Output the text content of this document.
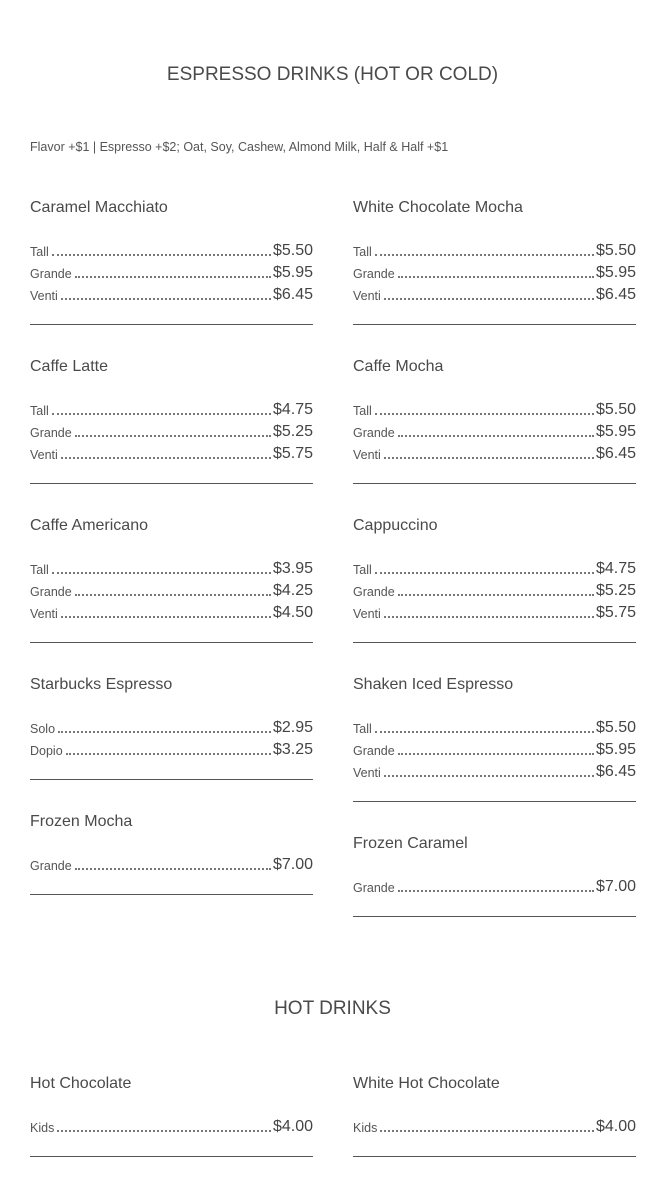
ESPRESSO DRINKS (HOT OR COLD)
Flavor +$1 | Espresso +$2; Oat, Soy, Cashew, Almond Milk, Half & Half +$1
Caramel Macchiato
Tall	$5.50
Grande	$5.95
Venti	$6.45
Caffe Latte
Tall	$4.75
Grande	$5.25
Venti	$5.75
Caffe Americano
Tall	$3.95
Grande	$4.25
Venti	$4.50
Starbucks Espresso
Solo	$2.95
Dopio	$3.25
Frozen Mocha
Grande	$7.00
White Chocolate Mocha
Tall	$5.50
Grande	$5.95
Venti	$6.45
Caffe Mocha
Tall	$5.50
Grande	$5.95
Venti	$6.45
Cappuccino
Tall	$4.75
Grande	$5.25
Venti	$5.75
Shaken Iced Espresso
Tall	$5.50
Grande	$5.95
Venti	$6.45
Frozen Caramel
Grande	$7.00
HOT DRINKS
Hot Chocolate
Kids	$4.00
White Hot Chocolate
Kids	$4.00
